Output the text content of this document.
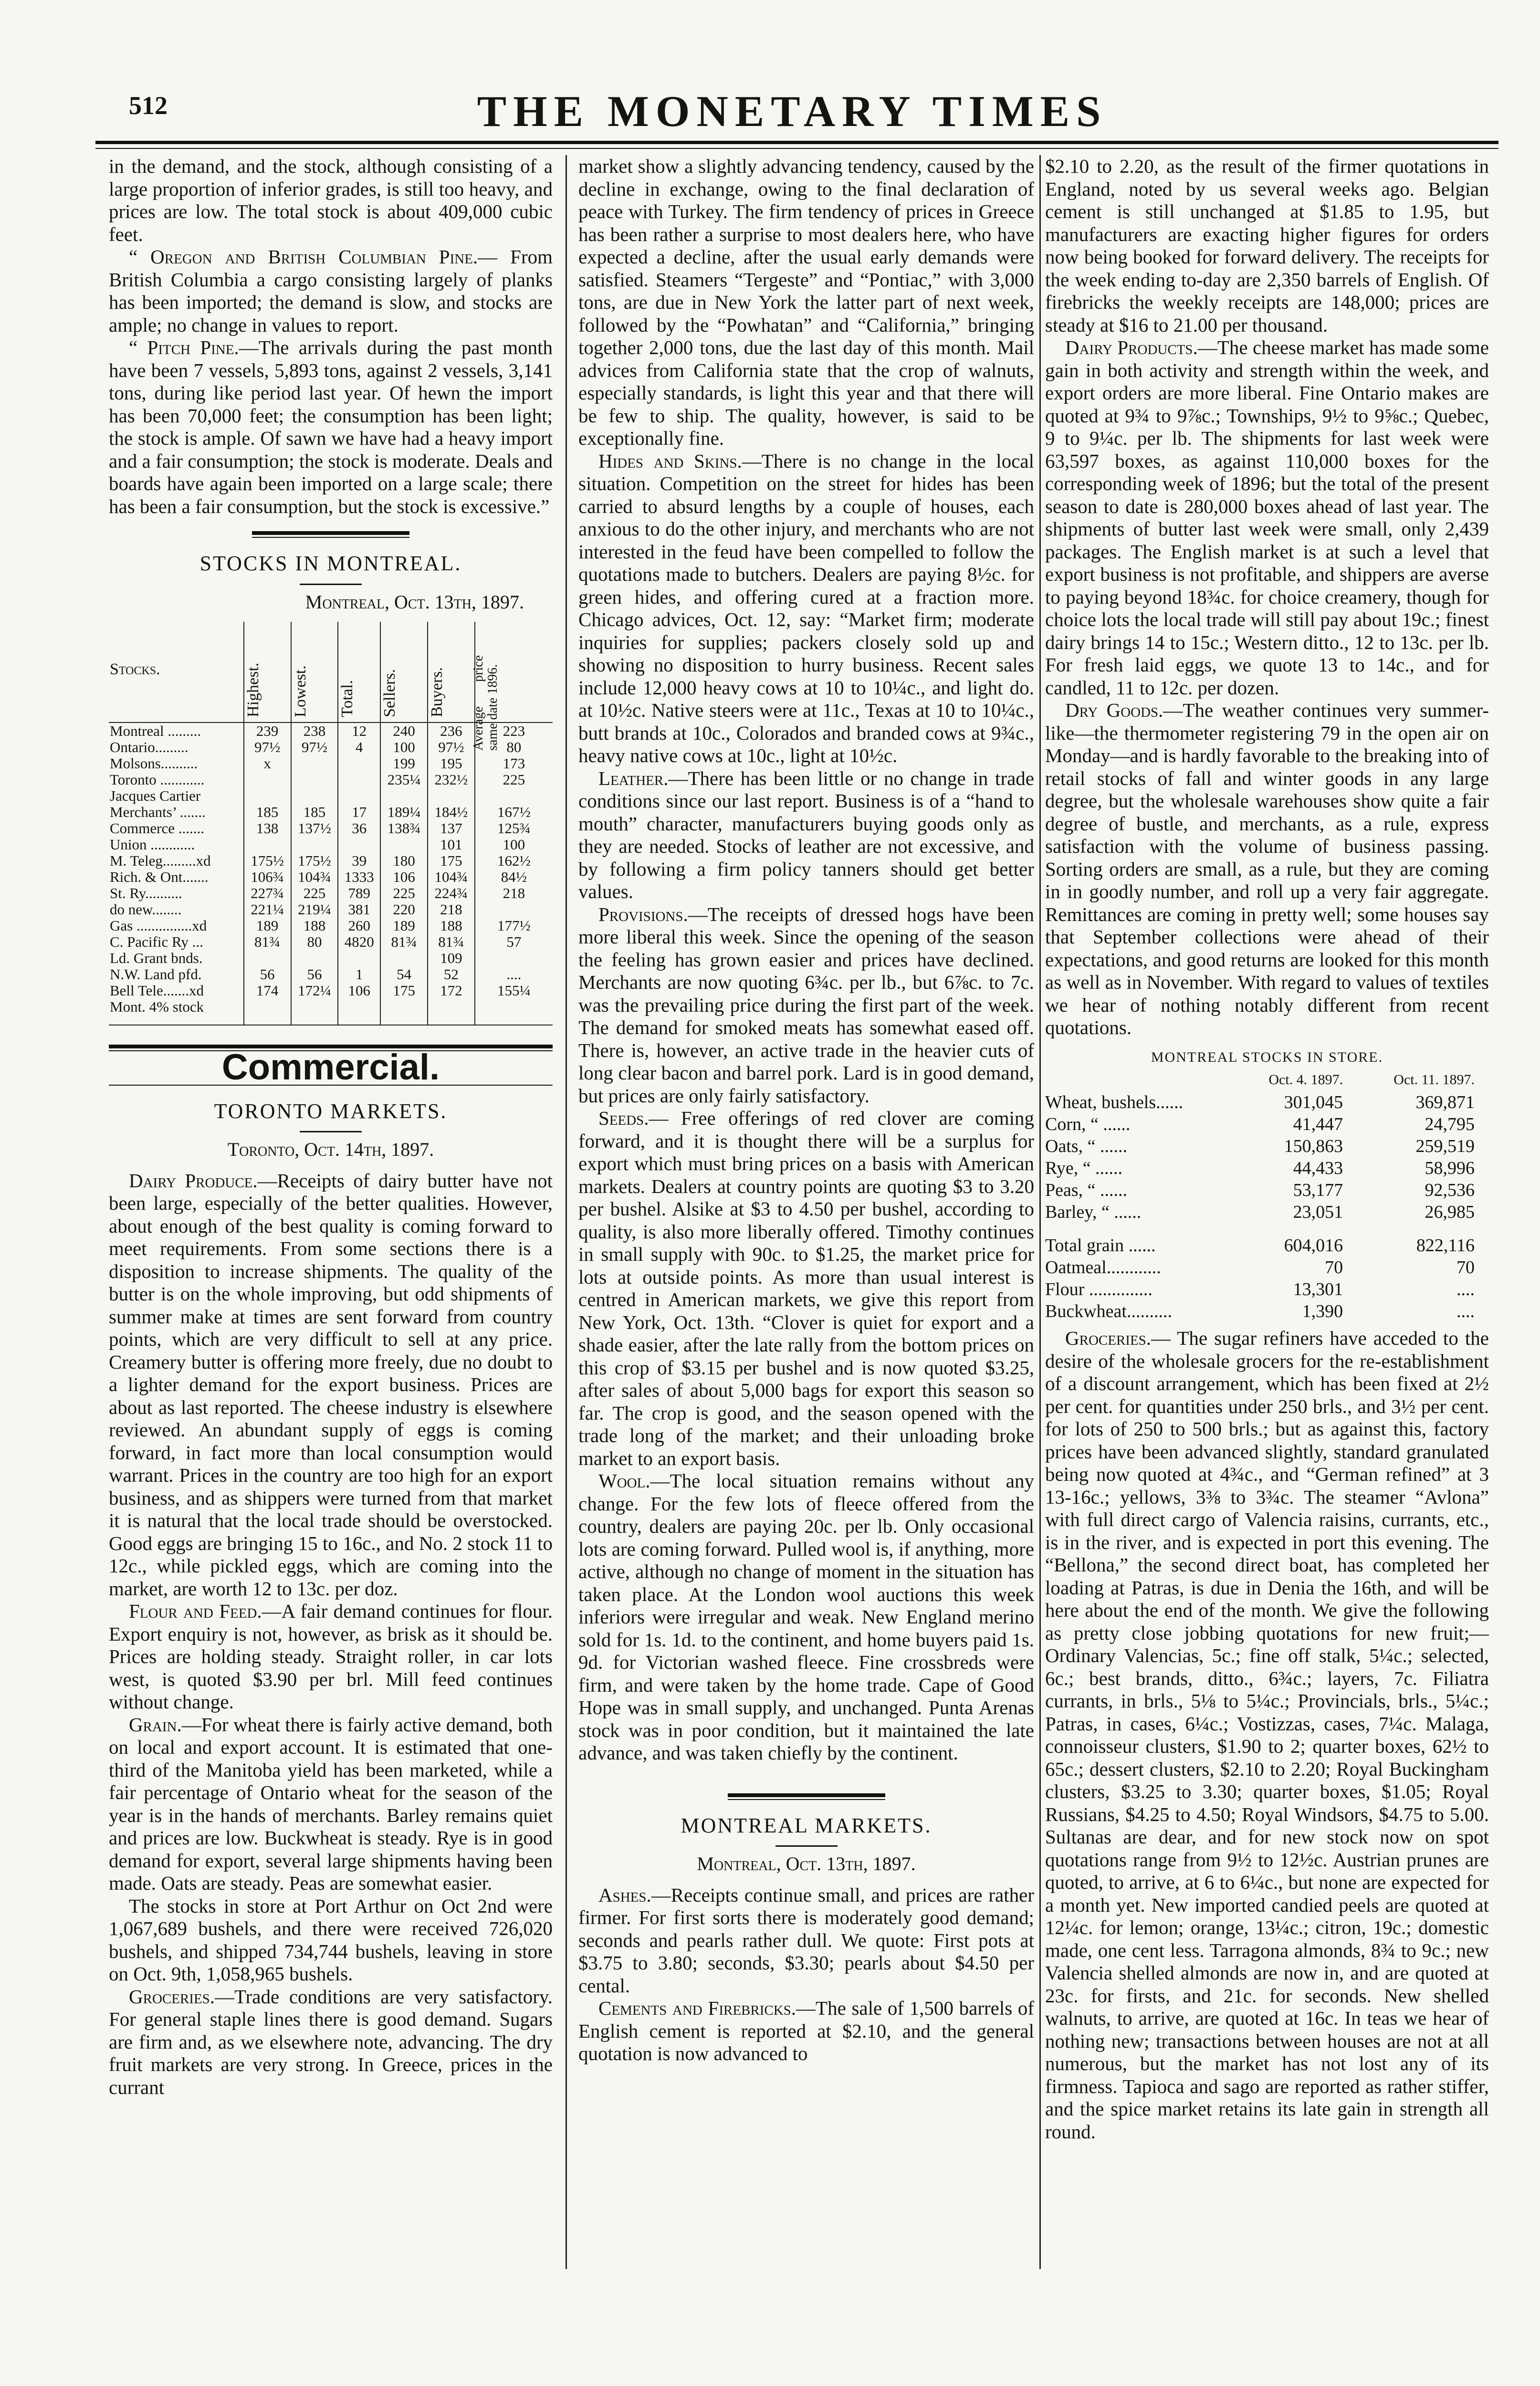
512	THE MONETARY TIMES

in the demand, and the stock, although consisting of a large proportion of inferior grades, is still too heavy, and prices are low. The total stock is about 409,000 cubic feet.

“ Oregon and British Columbian Pine.— From British Columbia a cargo consisting largely of planks has been imported; the demand is slow, and stocks are ample; no change in values to report.

“ Pitch Pine.—The arrivals during the past month have been 7 vessels, 5,893 tons, against 2 vessels, 3,141 tons, during like period last year. Of hewn the import has been 70,000 feet; the consumption has been light; the stock is ample. Of sawn we have had a heavy import and a fair consumption; the stock is moderate. Deals and boards have again been imported on a large scale; there has been a fair consumption, but the stock is excessive.”

STOCKS IN MONTREAL.
Montreal, Oct. 13th, 1897.
Stocks.	Highest.	Lowest.	Total.	Sellers.	Buyers.	Average price same date 1896.
Montreal .........	239	238	12	240	236	223
Ontario.........	97½	97½	4	100	97½	80
Molsons..........	x			199	195	173
Toronto ............				235¼	232½	225
Jacques Cartier						
Merchants’ .......	185	185	17	189¼	184½	167½
Commerce .......	138	137½	36	138¾	137	125¾
Union ............					101	100
M. Teleg.........xd	175½	175½	39	180	175	162½
Rich. & Ont.......	106¾	104¾	1333	106	104¾	84½
St. Ry..........	227¾	225	789	225	224¾	218
do new........	221¼	219¼	381	220	218	
Gas ...............xd	189	188	260	189	188	177½
C. Pacific Ry ...	81¾	80	4820	81¾	81¾	57
Ld. Grant bnds.					109	
N.W. Land pfd.	56	56	1	54	52	....
Bell Tele.......xd	174	172¼	106	175	172	155¼
Mont. 4% stock						
Commercial.
TORONTO MARKETS.
Toronto, Oct. 14th, 1897.

Dairy Produce.—Receipts of dairy butter have not been large, especially of the better qualities. However, about enough of the best quality is coming forward to meet requirements. From some sections there is a disposition to increase shipments. The quality of the butter is on the whole improving, but odd shipments of summer make at times are sent forward from country points, which are very difficult to sell at any price. Creamery butter is offering more freely, due no doubt to a lighter demand for the export business. Prices are about as last reported. The cheese industry is elsewhere reviewed. An abundant supply of eggs is coming forward, in fact more than local consumption would warrant. Prices in the country are too high for an export business, and as shippers were turned from that market it is natural that the local trade should be overstocked. Good eggs are bringing 15 to 16c., and No. 2 stock 11 to 12c., while pickled eggs, which are coming into the market, are worth 12 to 13c. per doz.

Flour and Feed.—A fair demand continues for flour. Export enquiry is not, however, as brisk as it should be. Prices are holding steady. Straight roller, in car lots west, is quoted $3.90 per brl. Mill feed continues without change.

Grain.—For wheat there is fairly active demand, both on local and export account. It is estimated that one-third of the Manitoba yield has been marketed, while a fair percentage of Ontario wheat for the season of the year is in the hands of merchants. Barley remains quiet and prices are low. Buckwheat is steady. Rye is in good demand for export, several large shipments having been made. Oats are steady. Peas are somewhat easier.

The stocks in store at Port Arthur on Oct 2nd were 1,067,689 bushels, and there were received 726,020 bushels, and shipped 734,744 bushels, leaving in store on Oct. 9th, 1,058,965 bushels.

Groceries.—Trade conditions are very satisfactory. For general staple lines there is good demand. Sugars are firm and, as we elsewhere note, advancing. The dry fruit markets are very strong. In Greece, prices in the currant

market show a slightly advancing tendency, caused by the decline in exchange, owing to the final declaration of peace with Turkey. The firm tendency of prices in Greece has been rather a surprise to most dealers here, who have expected a decline, after the usual early demands were satisfied. Steamers “Tergeste” and “Pontiac,” with 3,000 tons, are due in New York the latter part of next week, followed by the “Powhatan” and “California,” bringing together 2,000 tons, due the last day of this month. Mail advices from California state that the crop of walnuts, especially standards, is light this year and that there will be few to ship. The quality, however, is said to be exceptionally fine.

Hides and Skins.—There is no change in the local situation. Competition on the street for hides has been carried to absurd lengths by a couple of houses, each anxious to do the other injury, and merchants who are not interested in the feud have been compelled to follow the quotations made to butchers. Dealers are paying 8½c. for green hides, and offering cured at a fraction more. Chicago advices, Oct. 12, say: “Market firm; moderate inquiries for supplies; packers closely sold up and showing no disposition to hurry business. Recent sales include 12,000 heavy cows at 10 to 10¼c., and light do. at 10½c. Native steers were at 11c., Texas at 10 to 10¼c., butt brands at 10c., Colorados and branded cows at 9¾c., heavy native cows at 10c., light at 10½c.

Leather.—There has been little or no change in trade conditions since our last report. Business is of a “hand to mouth” character, manufacturers buying goods only as they are needed. Stocks of leather are not excessive, and by following a firm policy tanners should get better values.

Provisions.—The receipts of dressed hogs have been more liberal this week. Since the opening of the season the feeling has grown easier and prices have declined. Merchants are now quoting 6¾c. per lb., but 6⅞c. to 7c. was the prevailing price during the first part of the week. The demand for smoked meats has somewhat eased off. There is, however, an active trade in the heavier cuts of long clear bacon and barrel pork. Lard is in good demand, but prices are only fairly satisfactory.

Seeds.— Free offerings of red clover are coming forward, and it is thought there will be a surplus for export which must bring prices on a basis with American markets. Dealers at country points are quoting $3 to 3.20 per bushel. Alsike at $3 to 4.50 per bushel, according to quality, is also more liberally offered. Timothy continues in small supply with 90c. to $1.25, the market price for lots at outside points. As more than usual interest is centred in American markets, we give this report from New York, Oct. 13th. “Clover is quiet for export and a shade easier, after the late rally from the bottom prices on this crop of $3.15 per bushel and is now quoted $3.25, after sales of about 5,000 bags for export this season so far. The crop is good, and the season opened with the trade long of the market; and their unloading broke market to an export basis.

Wool.—The local situation remains without any change. For the few lots of fleece offered from the country, dealers are paying 20c. per lb. Only occasional lots are coming forward. Pulled wool is, if anything, more active, although no change of moment in the situation has taken place. At the London wool auctions this week inferiors were irregular and weak. New England merino sold for 1s. 1d. to the continent, and home buyers paid 1s. 9d. for Victorian washed fleece. Fine crossbreds were firm, and were taken by the home trade. Cape of Good Hope was in small supply, and unchanged. Punta Arenas stock was in poor condition, but it maintained the late advance, and was taken chiefly by the continent.

MONTREAL MARKETS.
Montreal, Oct. 13th, 1897.

Ashes.—Receipts continue small, and prices are rather firmer. For first sorts there is moderately good demand; seconds and pearls rather dull. We quote: First pots at $3.75 to 3.80; seconds, $3.30; pearls about $4.50 per cental.

Cements and Firebricks.—The sale of 1,500 barrels of English cement is reported at $2.10, and the general quotation is now advanced to

$2.10 to 2.20, as the result of the firmer quotations in England, noted by us several weeks ago. Belgian cement is still unchanged at $1.85 to 1.95, but manufacturers are exacting higher figures for orders now being booked for forward delivery. The receipts for the week ending to-day are 2,350 barrels of English. Of firebricks the weekly receipts are 148,000; prices are steady at $16 to 21.00 per thousand.

Dairy Products.—The cheese market has made some gain in both activity and strength within the week, and export orders are more liberal. Fine Ontario makes are quoted at 9¾ to 9⅞c.; Townships, 9½ to 9⅝c.; Quebec, 9 to 9¼c. per lb. The shipments for last week were 63,597 boxes, as against 110,000 boxes for the corresponding week of 1896; but the total of the present season to date is 280,000 boxes ahead of last year. The shipments of butter last week were small, only 2,439 packages. The English market is at such a level that export business is not profitable, and shippers are averse to paying beyond 18¾c. for choice creamery, though for choice lots the local trade will still pay about 19c.; finest dairy brings 14 to 15c.; Western ditto., 12 to 13c. per lb. For fresh laid eggs, we quote 13 to 14c., and for candled, 11 to 12c. per dozen.

Dry Goods.—The weather continues very summer-like—the thermometer registering 79 in the open air on Monday—and is hardly favorable to the breaking into of retail stocks of fall and winter goods in any large degree, but the wholesale warehouses show quite a fair degree of bustle, and merchants, as a rule, express satisfaction with the volume of business passing. Sorting orders are small, as a rule, but they are coming in in goodly number, and roll up a very fair aggregate. Remittances are coming in pretty well; some houses say that September collections were ahead of their expectations, and good returns are looked for this month as well as in November. With regard to values of textiles we hear of nothing notably different from recent quotations.

MONTREAL STOCKS IN STORE.
	Oct. 4. 1897.	Oct. 11. 1897.
Wheat, bushels......	301,045	369,871
Corn, “ ......	41,447	24,795
Oats, “ ......	150,863	259,519
Rye, “ ......	44,433	58,996
Peas, “ ......	53,177	92,536
Barley, “ ......	23,051	26,985
Total grain ......	604,016	822,116
Oatmeal............	70	70
Flour ..............	13,301	....
Buckwheat..........	1,390	....

Groceries.— The sugar refiners have acceded to the desire of the wholesale grocers for the re-establishment of a discount arrangement, which has been fixed at 2½ per cent. for quantities under 250 brls., and 3½ per cent. for lots of 250 to 500 brls.; but as against this, factory prices have been advanced slightly, standard granulated being now quoted at 4¾c., and “German refined” at 3 13-16c.; yellows, 3⅜ to 3¾c. The steamer “Avlona” with full direct cargo of Valencia raisins, currants, etc., is in the river, and is expected in port this evening. The “Bellona,” the second direct boat, has completed her loading at Patras, is due in Denia the 16th, and will be here about the end of the month. We give the following as pretty close jobbing quotations for new fruit;—Ordinary Valencias, 5c.; fine off stalk, 5¼c.; selected, 6c.; best brands, ditto., 6¾c.; layers, 7c. Filiatra currants, in brls., 5⅛ to 5¼c.; Provincials, brls., 5¼c.; Patras, in cases, 6¼c.; Vostizzas, cases, 7¼c. Malaga, connoisseur clusters, $1.90 to 2; quarter boxes, 62½ to 65c.; dessert clusters, $2.10 to 2.20; Royal Buckingham clusters, $3.25 to 3.30; quarter boxes, $1.05; Royal Russians, $4.25 to 4.50; Royal Windsors, $4.75 to 5.00. Sultanas are dear, and for new stock now on spot quotations range from 9½ to 12½c. Austrian prunes are quoted, to arrive, at 6 to 6¼c., but none are expected for a month yet. New imported candied peels are quoted at 12¼c. for lemon; orange, 13¼c.; citron, 19c.; domestic made, one cent less. Tarragona almonds, 8¾ to 9c.; new Valencia shelled almonds are now in, and are quoted at 23c. for firsts, and 21c. for seconds. New shelled walnuts, to arrive, are quoted at 16c. In teas we hear of nothing new; transactions between houses are not at all numerous, but the market has not lost any of its firmness. Tapioca and sago are reported as rather stiffer, and the spice market retains its late gain in strength all round.
